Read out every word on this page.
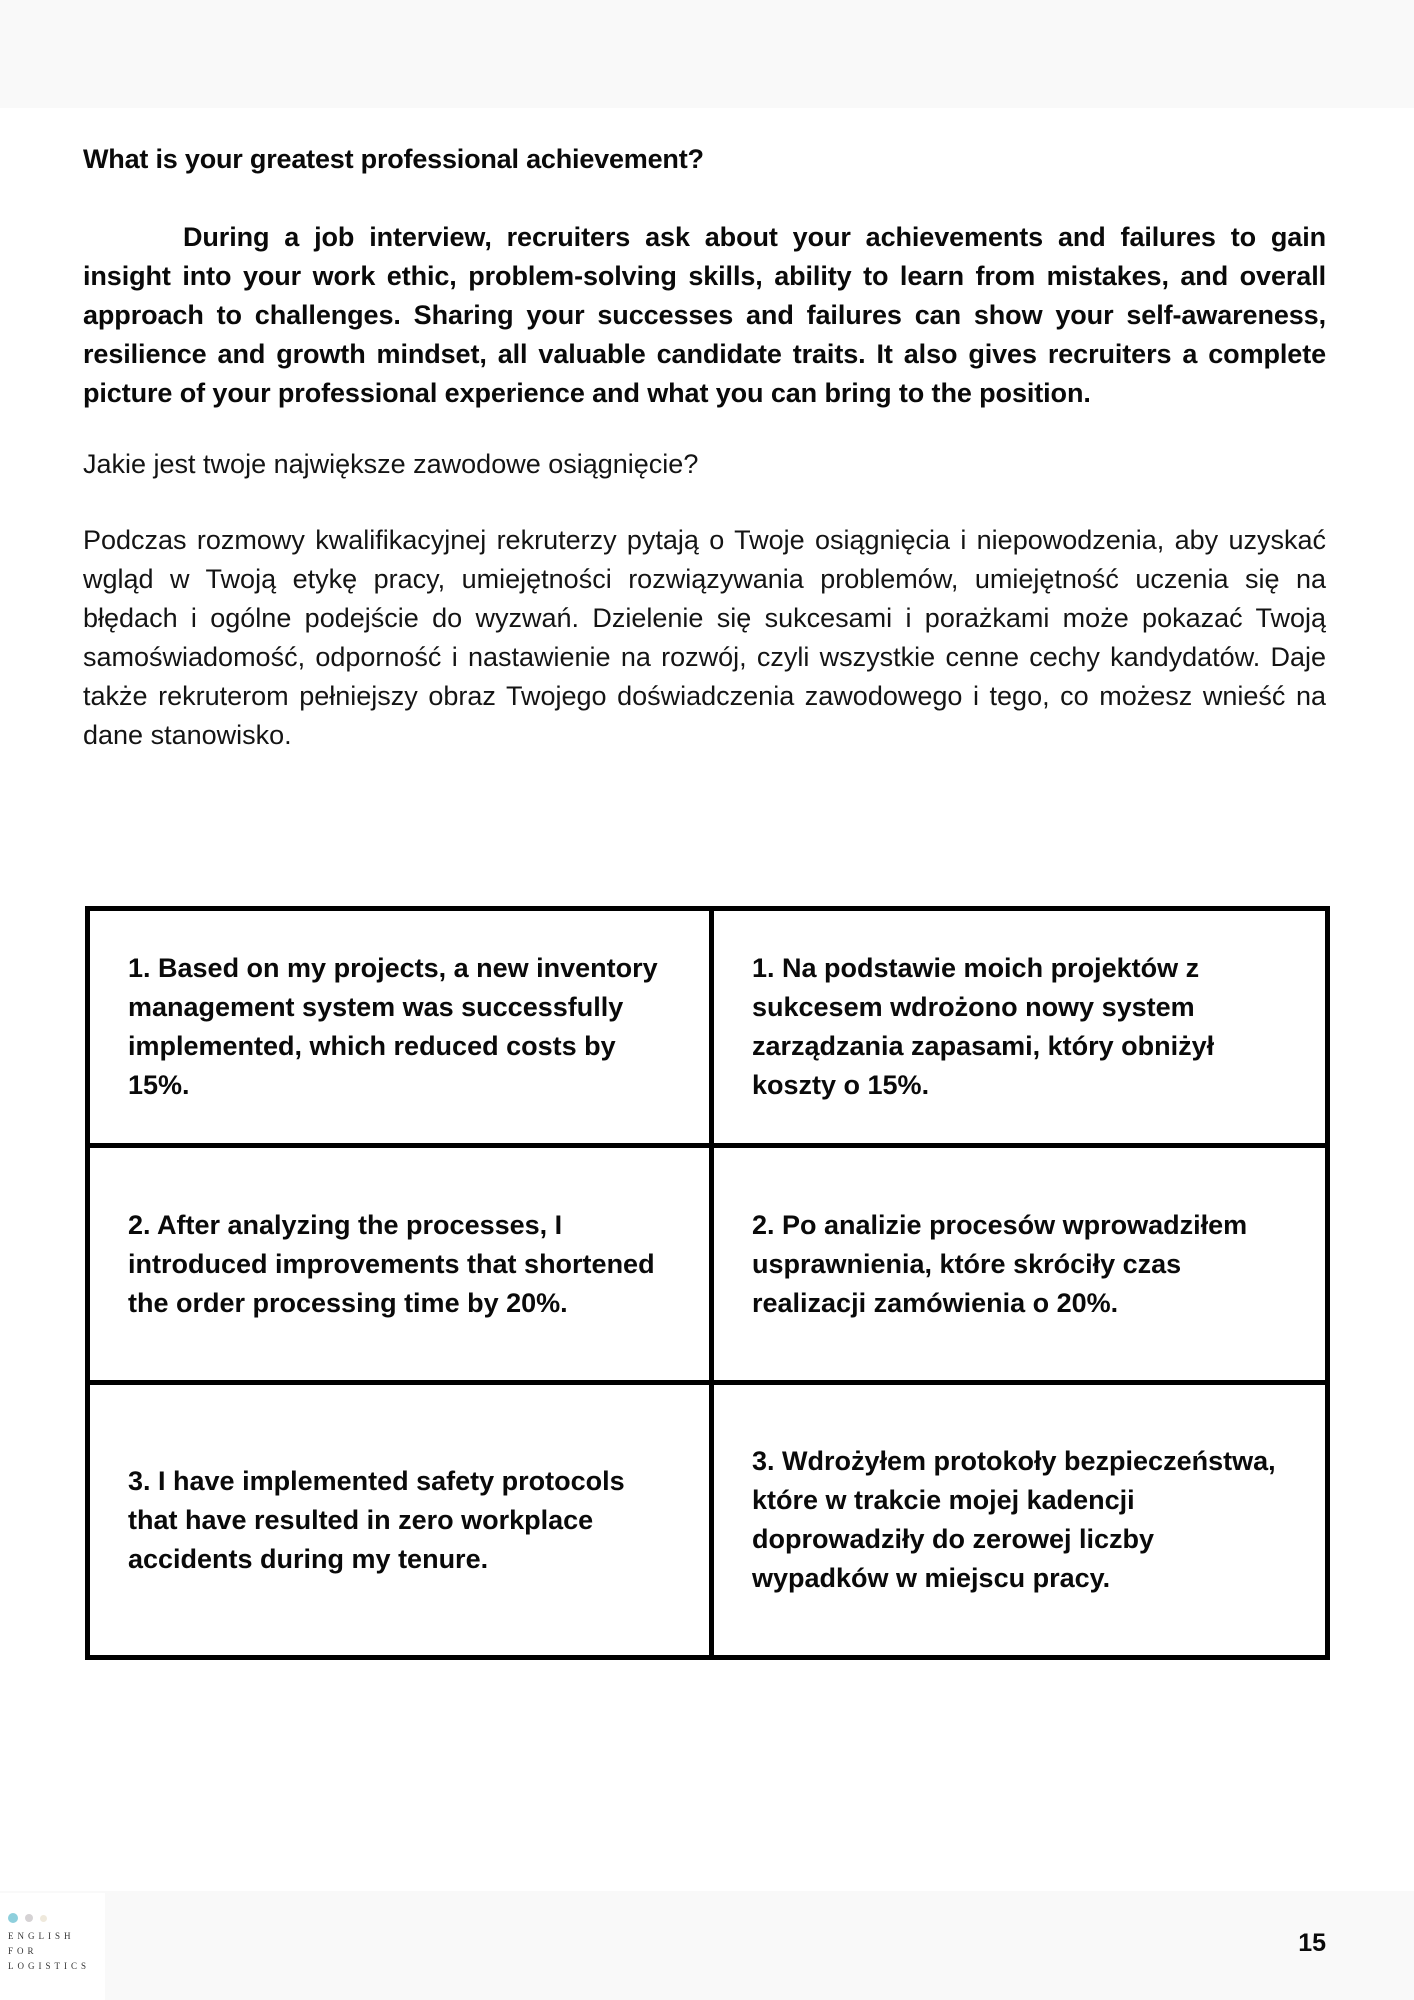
What is your greatest professional achievement?

During a job interview, recruiters ask about your achievements and failures to gain insight into your work ethic, problem-solving skills, ability to learn from mistakes, and overall approach to challenges. Sharing your successes and failures can show your self-awareness, resilience and growth mindset, all valuable candidate traits. It also gives recruiters a complete picture of your professional experience and what you can bring to the position.

Jakie jest twoje największe zawodowe osiągnięcie?

Podczas rozmowy kwalifikacyjnej rekruterzy pytają o Twoje osiągnięcia i niepowodzenia, aby uzyskać wgląd w Twoją etykę pracy, umiejętności rozwiązywania problemów, umiejętność uczenia się na błędach i ogólne podejście do wyzwań. Dzielenie się sukcesami i porażkami może pokazać Twoją samoświadomość, odporność i nastawienie na rozwój, czyli wszystkie cenne cechy kandydatów. Daje także rekruterom pełniejszy obraz Twojego doświadczenia zawodowego i tego, co możesz wnieść na dane stanowisko.

1. Based on my projects, a new inventory management system was successfully implemented, which reduced costs by 15%.	1. Na podstawie moich projektów z sukcesem wdrożono nowy system zarządzania zapasami, który obniżył koszty o 15%.
2. After analyzing the processes, I introduced improvements that shortened the order processing time by 20%.	2. Po analizie procesów wprowadziłem usprawnienia, które skróciły czas realizacji zamówienia o 20%.
3. I have implemented safety protocols that have resulted in zero workplace accidents during my tenure.	3. Wdrożyłem protokoły bezpieczeństwa, które w trakcie mojej kadencji doprowadziły do zerowej liczby wypadków w miejscu pracy.
ENGLISH
FOR
LOGISTICS
15
